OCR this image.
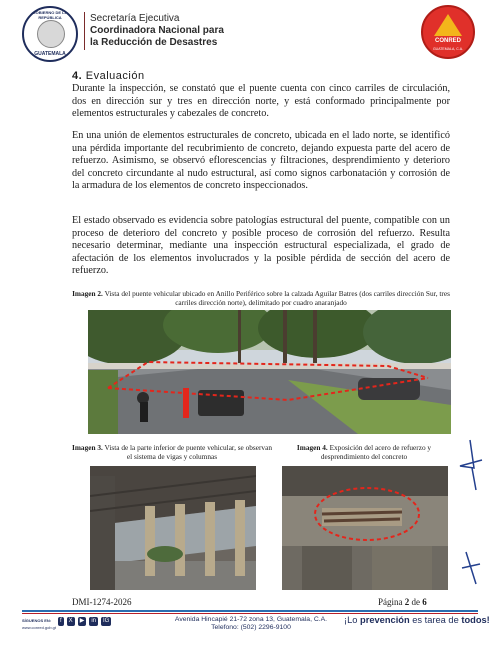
GOBIERNO DE LA REPÚBLICA
GUATEMALA
Secretaría Ejecutiva
Coordinadora Nacional para
la Reducción de Desastres	CONRED
GUATEMALA, C.A.
4. Evaluación
Durante la inspección, se constató que el puente cuenta con cinco carriles de circulación, dos en dirección sur y tres en dirección norte, y está conformado principalmente por elementos estructurales y cabezales de concreto.
En una unión de elementos estructurales de concreto, ubicada en el lado norte, se identificó una pérdida importante del recubrimiento de concreto, dejando expuesta parte del acero de refuerzo. Asimismo, se observó eflorescencias y filtraciones, desprendimiento y deterioro del concreto circundante al nudo estructural, así como signos carbonatación y corrosión de la armadura de los elementos de concreto inspeccionados.
El estado observado es evidencia sobre patologías estructural del puente, compatible con un proceso de deterioro del concreto y posible proceso de corrosión del refuerzo. Resulta necesario determinar, mediante una inspección estructural especializada, el grado de afectación de los elementos involucrados y la posible pérdida de sección del acero de refuerzo.
Imagen 2. Vista del puente vehicular ubicado en Anillo Periférico sobre la calzada Aguilar Batres (dos carriles dirección Sur, tres carriles dirección norte), delimitado por cuadro anaranjado
Imagen 3. Vista de la parte inferior de puente vehicular, se observan el sistema de vigas y columnas
Imagen 4. Exposición del acero de refuerzo y desprendimiento del concreto
DMI-1274-2026	Página 2 de 6
SÍGUENOS EN:
www.conred.gob.gt
f	X	▶	in	IG	Avenida Hincapié 21-72 zona 13, Guatemala, C.A.
Telefono: (502) 2296-9100
¡Lo prevención es tarea de todos!
